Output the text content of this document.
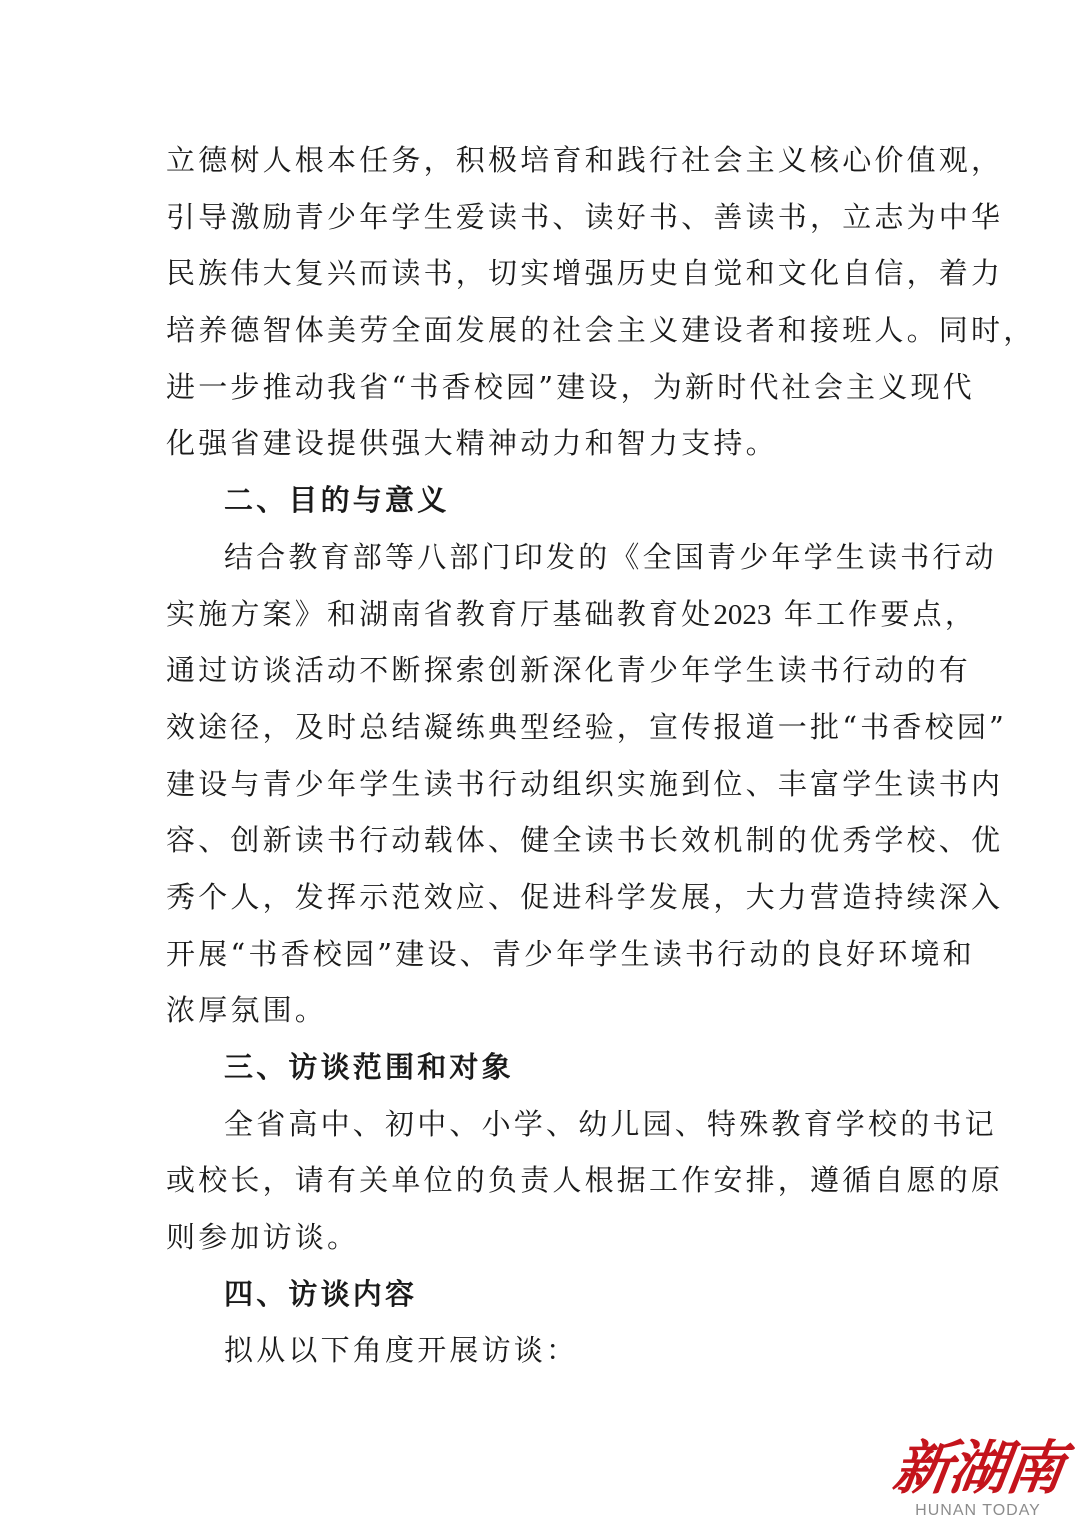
立德树人根本任务，积极培育和践行社会主义核心价值观，
引导激励青少年学生爱读书、读好书、善读书，立志为中华
民族伟大复兴而读书，切实增强历史自觉和文化自信，着力
培养德智体美劳全面发展的社会主义建设者和接班人。同时，
进一步推动我省“书香校园”建设，为新时代社会主义现代
化强省建设提供强大精神动力和智力支持。
二、目的与意义
结合教育部等八部门印发的《全国青少年学生读书行动
实施方案》和湖南省教育厅基础教育处2023 年工作要点，
通过访谈活动不断探索创新深化青少年学生读书行动的有
效途径，及时总结凝练典型经验，宣传报道一批“书香校园”
建设与青少年学生读书行动组织实施到位、丰富学生读书内
容、创新读书行动载体、健全读书长效机制的优秀学校、优
秀个人，发挥示范效应、促进科学发展，大力营造持续深入
开展“书香校园”建设、青少年学生读书行动的良好环境和
浓厚氛围。
三、访谈范围和对象
全省高中、初中、小学、幼儿园、特殊教育学校的书记
或校长，请有关单位的负责人根据工作安排，遵循自愿的原
则参加访谈。
四、访谈内容
拟从以下角度开展访谈：
新湖南
HUNAN TODAY
